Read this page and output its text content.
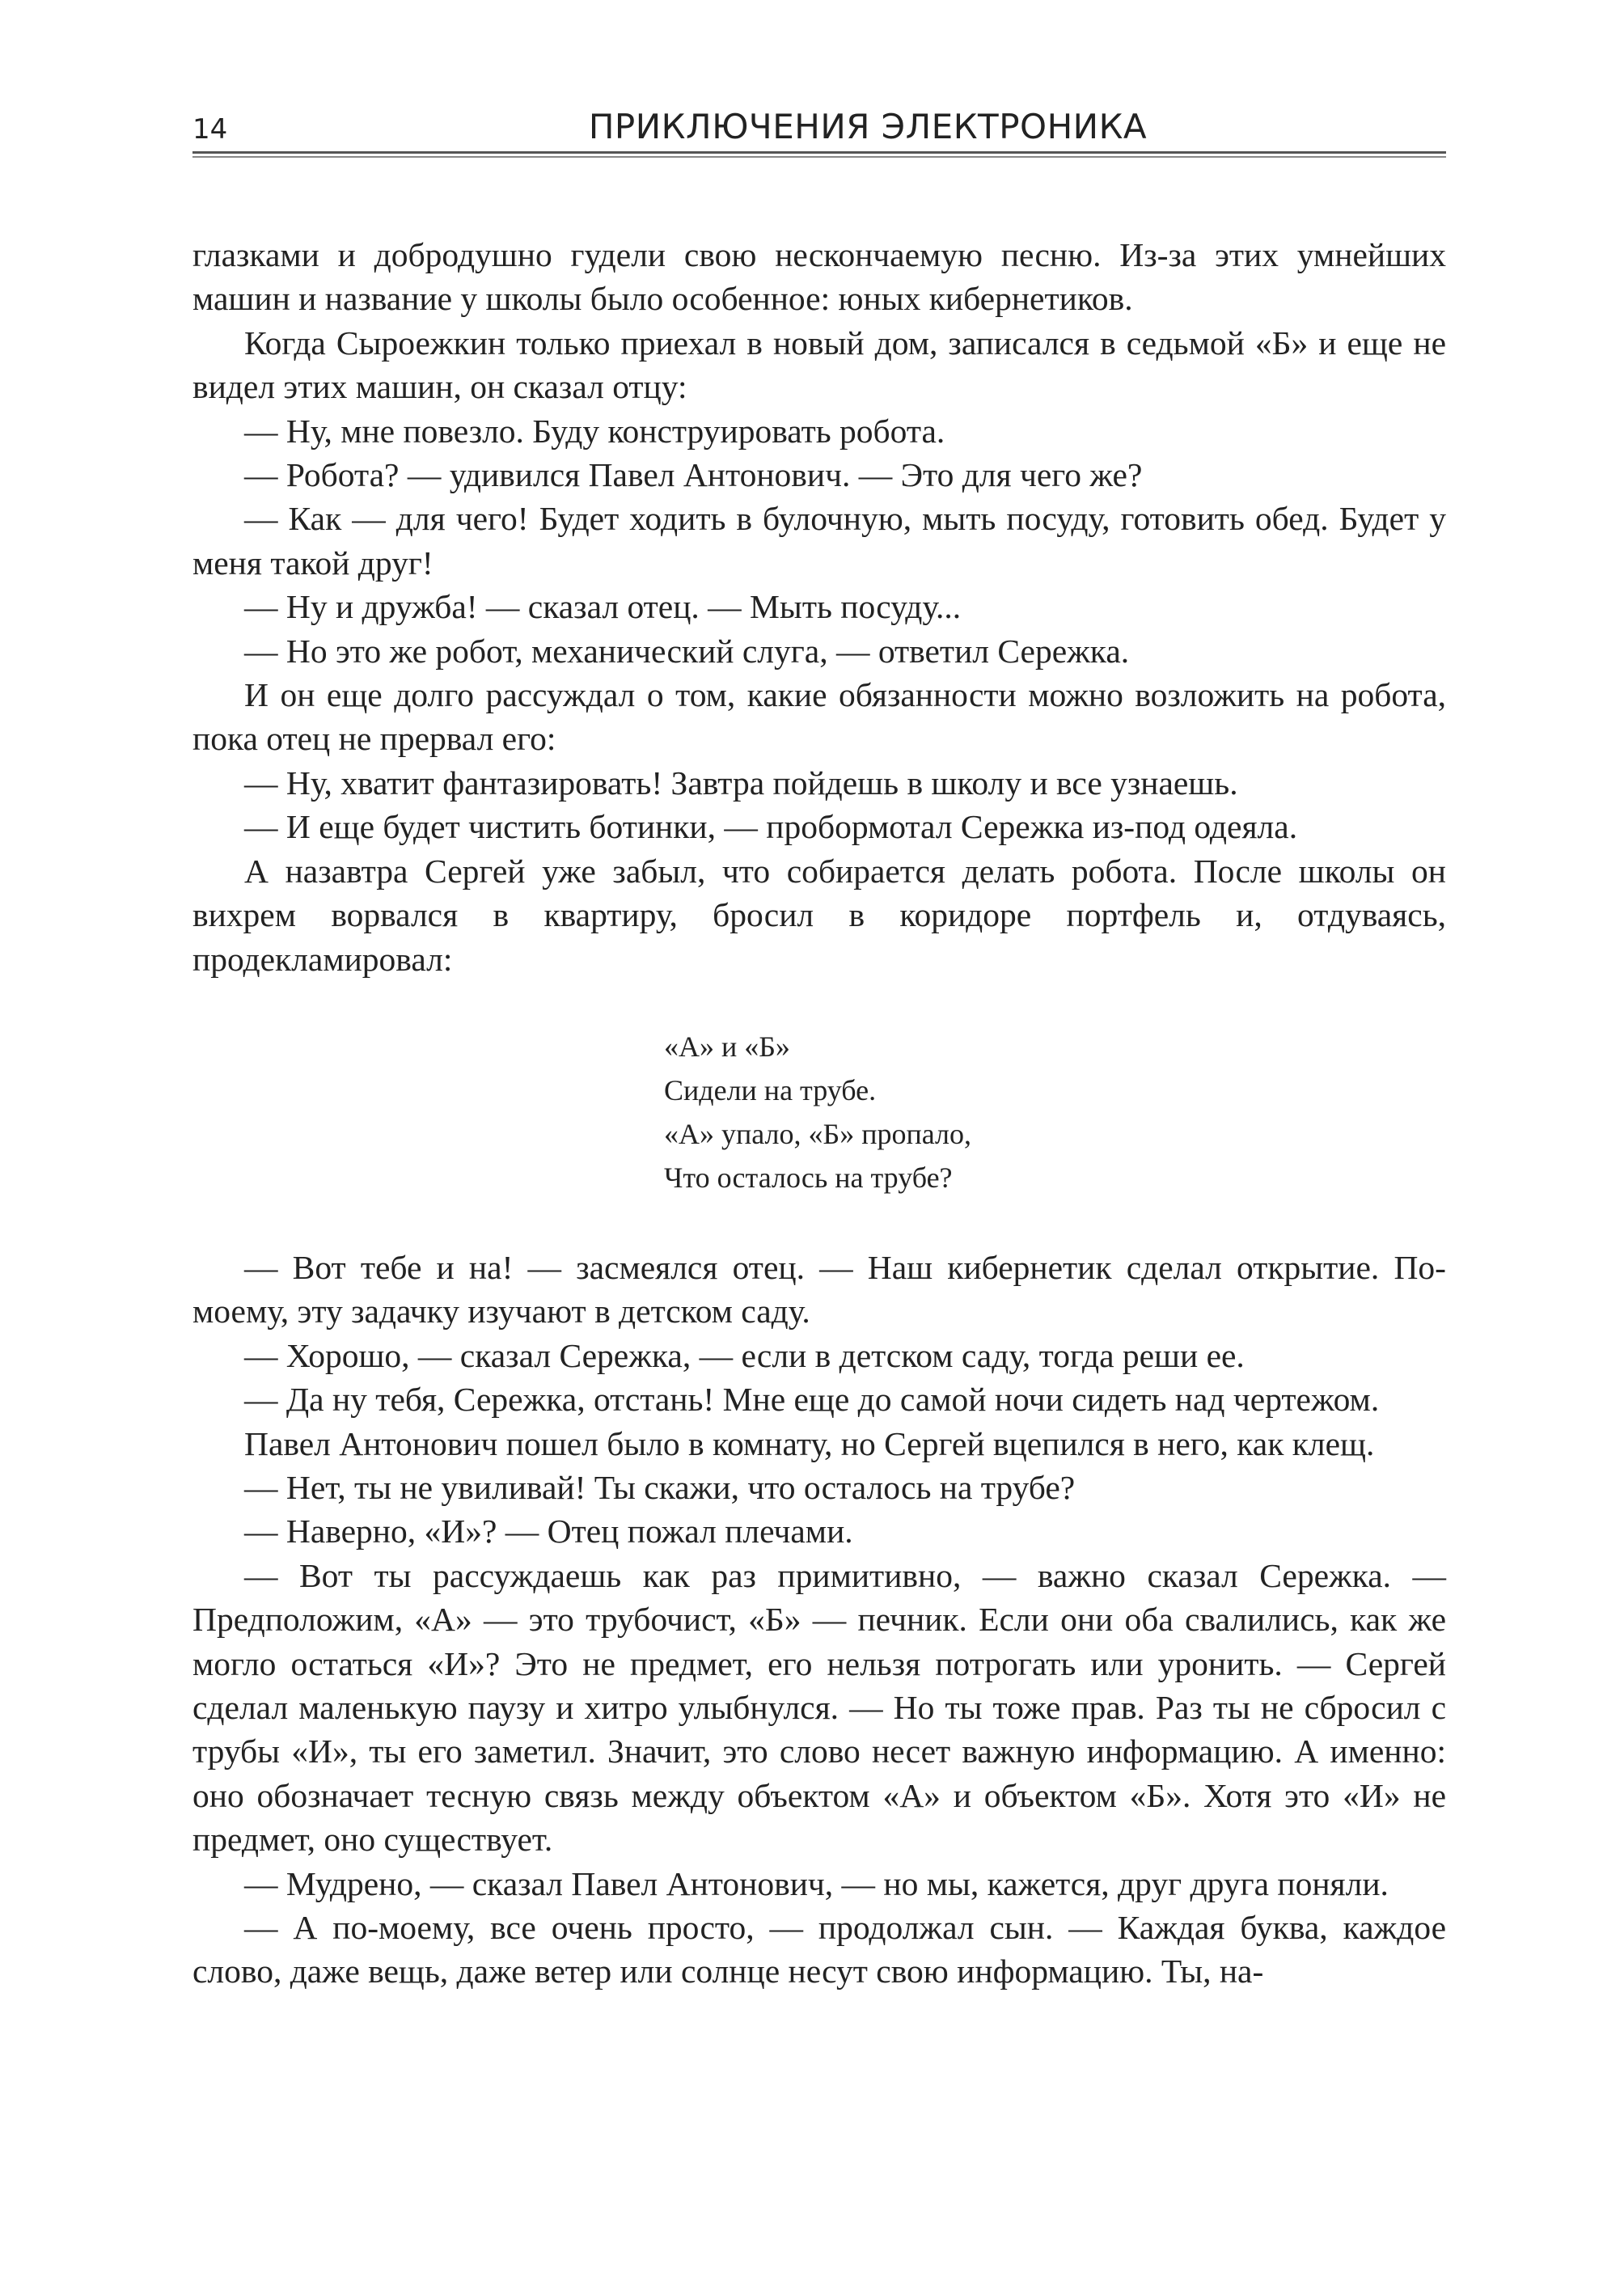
14	ПРИКЛЮЧЕНИЯ ЭЛЕКТРОНИКА

глазками и добродушно гудели свою нескончаемую песню. Из-за этих умнейших машин и название у школы было особенное: юных кибернетиков.

Когда Сыроежкин только приехал в новый дом, записался в седьмой «Б» и еще не видел этих машин, он сказал отцу:

— Ну, мне повезло. Буду конструировать робота.

— Робота? — удивился Павел Антонович. — Это для чего же?

— Как — для чего! Будет ходить в булочную, мыть посуду, готовить обед. Будет у меня такой друг!

— Ну и дружба! — сказал отец. — Мыть посуду...

— Но это же робот, механический слуга, — ответил Сережка.

И он еще долго рассуждал о том, какие обязанности можно возложить на робота, пока отец не прервал его:

— Ну, хватит фантазировать! Завтра пойдешь в школу и все узнаешь.

— И еще будет чистить ботинки, — пробормотал Сережка из-под одеяла.

А назавтра Сергей уже забыл, что собирается делать робота. После школы он вихрем ворвался в квартиру, бросил в коридоре портфель и, отдуваясь, продекламировал:

«А» и «Б»
Сидели на трубе.
«А» упало, «Б» пропало,
Что осталось на трубе?

— Вот тебе и на! — засмеялся отец. — Наш кибернетик сделал открытие. По-моему, эту задачку изучают в детском саду.

— Хорошо, — сказал Сережка, — если в детском саду, тогда реши ее.

— Да ну тебя, Сережка, отстань! Мне еще до самой ночи сидеть над чертежом.

Павел Антонович пошел было в комнату, но Сергей вцепился в него, как клещ.

— Нет, ты не увиливай! Ты скажи, что осталось на трубе?

— Наверно, «И»? — Отец пожал плечами.

— Вот ты рассуждаешь как раз примитивно, — важно сказал Сережка. — Предположим, «А» — это трубочист, «Б» — печник. Если они оба свалились, как же могло остаться «И»? Это не предмет, его нельзя потрогать или уронить. — Сергей сделал маленькую паузу и хитро улыбнулся. — Но ты тоже прав. Раз ты не сбросил с трубы «И», ты его заметил. Значит, это слово несет важную информацию. А именно: оно обозначает тесную связь между объектом «А» и объектом «Б». Хотя это «И» не предмет, оно существует.

— Мудрено, — сказал Павел Антонович, — но мы, кажется, друг друга поняли.

— А по-моему, все очень просто, — продолжал сын. — Каждая буква, каждое слово, даже вещь, даже ветер или солнце несут свою информацию. Ты, на-
